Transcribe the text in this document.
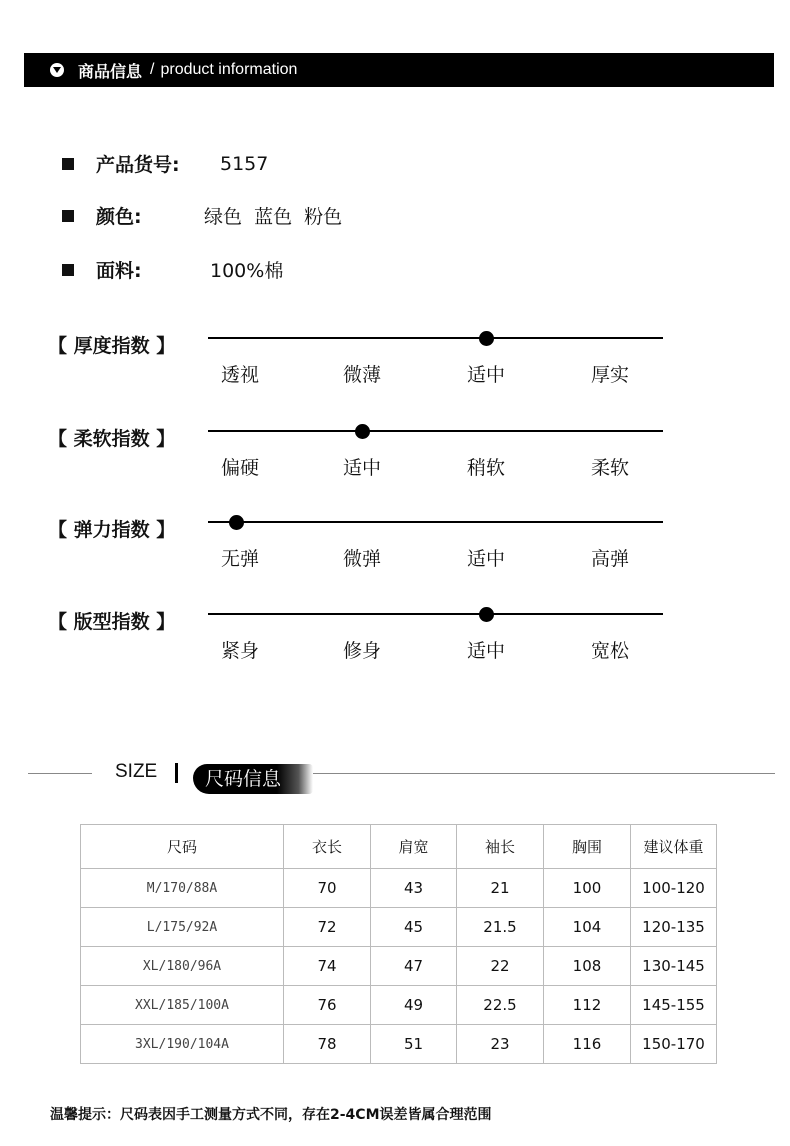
商品信息 / product information
产品货号:	5157
颜色:	绿色  蓝色  粉色
面料:	100%棉
【 厚度指数 】
透视	微薄	适中	厚实
【 柔软指数 】
偏硬	适中	稍软	柔软
【 弹力指数 】
无弹	微弹	适中	高弹
【 版型指数 】
紧身	修身	适中	宽松
SIZE	尺码信息
尺码	衣长	肩宽	袖长	胸围	建议体重
M/170/88A	70	43	21	100	100-120
L/175/92A	72	45	21.5	104	120-135
XL/180/96A	74	47	22	108	130-145
XXL/185/100A	76	49	22.5	112	145-155
3XL/190/104A	78	51	23	116	150-170
温馨提示：尺码表因手工测量方式不同，存在2-4CM误差皆属合理范围
